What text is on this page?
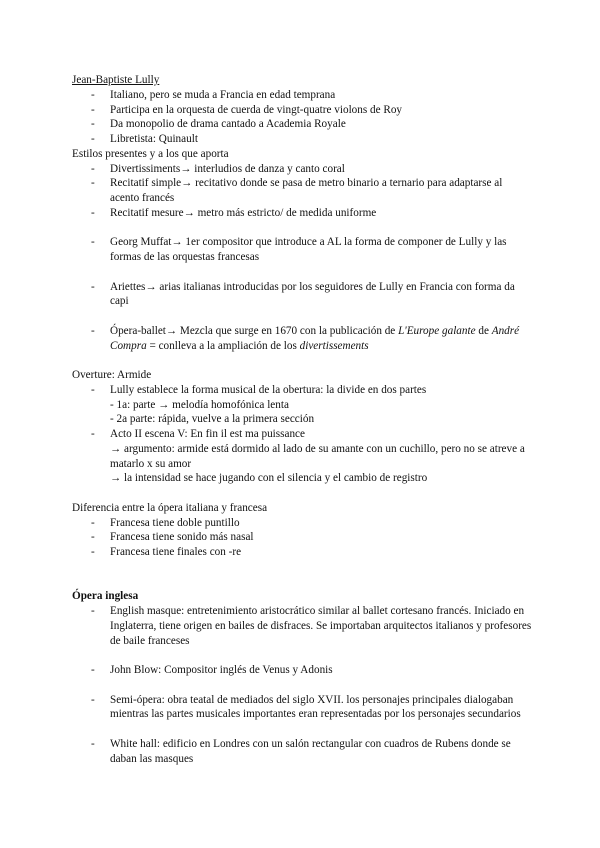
Jean-Baptiste Lully
- Italiano, pero se muda a Francia en edad temprana
- Participa en la orquesta de cuerda de vingt-quatre violons de Roy
- Da monopolio de drama cantado a Academia Royale
- Libretista: Quinault
Estilos presentes y a los que aporta
- Divertissiments→ interludios de danza y canto coral
- Recitatif simple→ recitativo donde se pasa de metro binario a ternario para adaptarse al acento francés
- Recitatif mesure→ metro más estricto/ de medida uniforme
- Georg Muffat→ 1er compositor que introduce a AL la forma de componer de Lully y las formas de las orquestas francesas
- Ariettes→ arias italianas introducidas por los seguidores de Lully en Francia con forma da capi
- Ópera-ballet→ Mezcla que surge en 1670 con la publicación de L'Europe galante de André Compra = conlleva a la ampliación de los divertissements
Overture: Armide
- Lully establece la forma musical de la obertura: la divide en dos partes
- 1a: parte → melodía homofónica lenta
- 2a parte: rápida, vuelve a la primera sección
- Acto II escena V: En fin il est ma puissance
→ argumento: armide está dormido al lado de su amante con un cuchillo, pero no se atreve a matarlo x su amor
→ la intensidad se hace jugando con el silencia y el cambio de registro
Diferencia entre la ópera italiana y francesa
- Francesa tiene doble puntillo
- Francesa tiene sonido más nasal
- Francesa tiene finales con -re
Ópera inglesa
- English masque: entretenimiento aristocrático similar al ballet cortesano francés. Iniciado en Inglaterra, tiene origen en bailes de disfraces. Se importaban arquitectos italianos y profesores de baile franceses
- John Blow: Compositor inglés de Venus y Adonis
- Semi-ópera: obra teatal de mediados del siglo XVII. los personajes principales dialogaban mientras las partes musicales importantes eran representadas por los personajes secundarios
- White hall: edificio en Londres con un salón rectangular con cuadros de Rubens donde se daban las masques
